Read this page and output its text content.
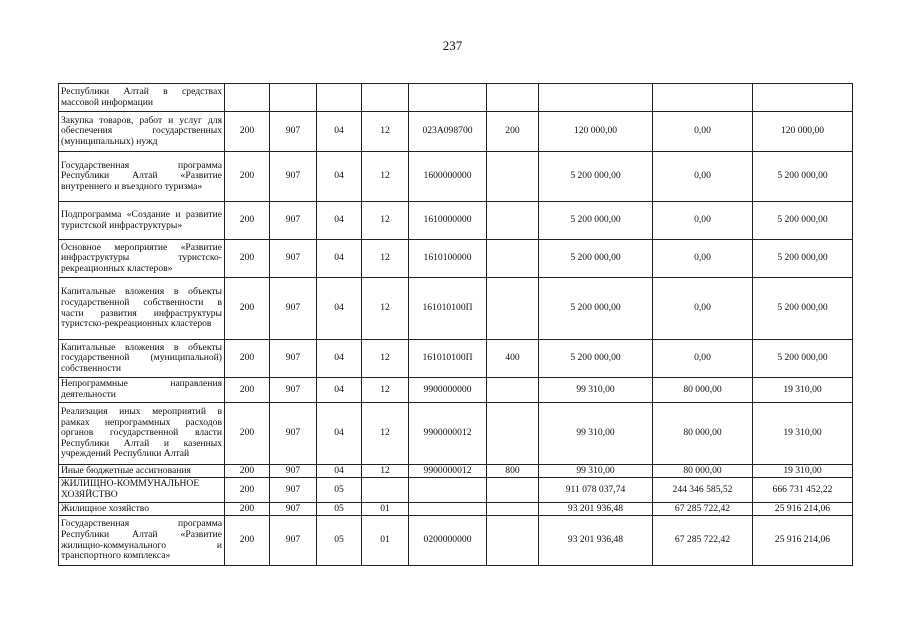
237
Республики Алтай в средствах массовой информации									
Закупка товаров, работ и услуг для обеспечения государственных (муниципальных) нужд	200	907	04	12	023A098700	200	120 000,00	0,00	120 000,00
Государственная программа Республики Алтай «Развитие внутреннего и въездного туризма»	200	907	04	12	1600000000		5 200 000,00	0,00	5 200 000,00
Подпрограмма «Создание и развитие туристской инфраструктуры»	200	907	04	12	1610000000		5 200 000,00	0,00	5 200 000,00
Основное мероприятие «Развитие инфраструктуры туристско-рекреационных кластеров»	200	907	04	12	1610100000		5 200 000,00	0,00	5 200 000,00
Капитальные вложения в объекты государственной собственности в части развития инфраструктуры туристско-рекреационных кластеров	200	907	04	12	161010100П		5 200 000,00	0,00	5 200 000,00
Капитальные вложения в объекты государственной (муниципальной) собственности	200	907	04	12	161010100П	400	5 200 000,00	0,00	5 200 000,00
Непрограммные направления деятельности	200	907	04	12	9900000000		99 310,00	80 000,00	19 310,00
Реализация иных мероприятий в рамках непрограммных расходов органов государственной власти Республики Алтай и казенных учреждений Республики Алтай	200	907	04	12	9900000012		99 310,00	80 000,00	19 310,00
Иные бюджетные ассигнования	200	907	04	12	9900000012	800	99 310,00	80 000,00	19 310,00
ЖИЛИЩНО-КОММУНАЛЬНОЕ ХОЗЯЙСТВО	200	907	05				911 078 037,74	244 346 585,52	666 731 452,22
Жилищное хозяйство	200	907	05	01			93 201 936,48	67 285 722,42	25 916 214,06
Государственная программа Республики Алтай «Развитие жилищно-коммунального и транспортного комплекса»	200	907	05	01	0200000000		93 201 936,48	67 285 722,42	25 916 214,06
